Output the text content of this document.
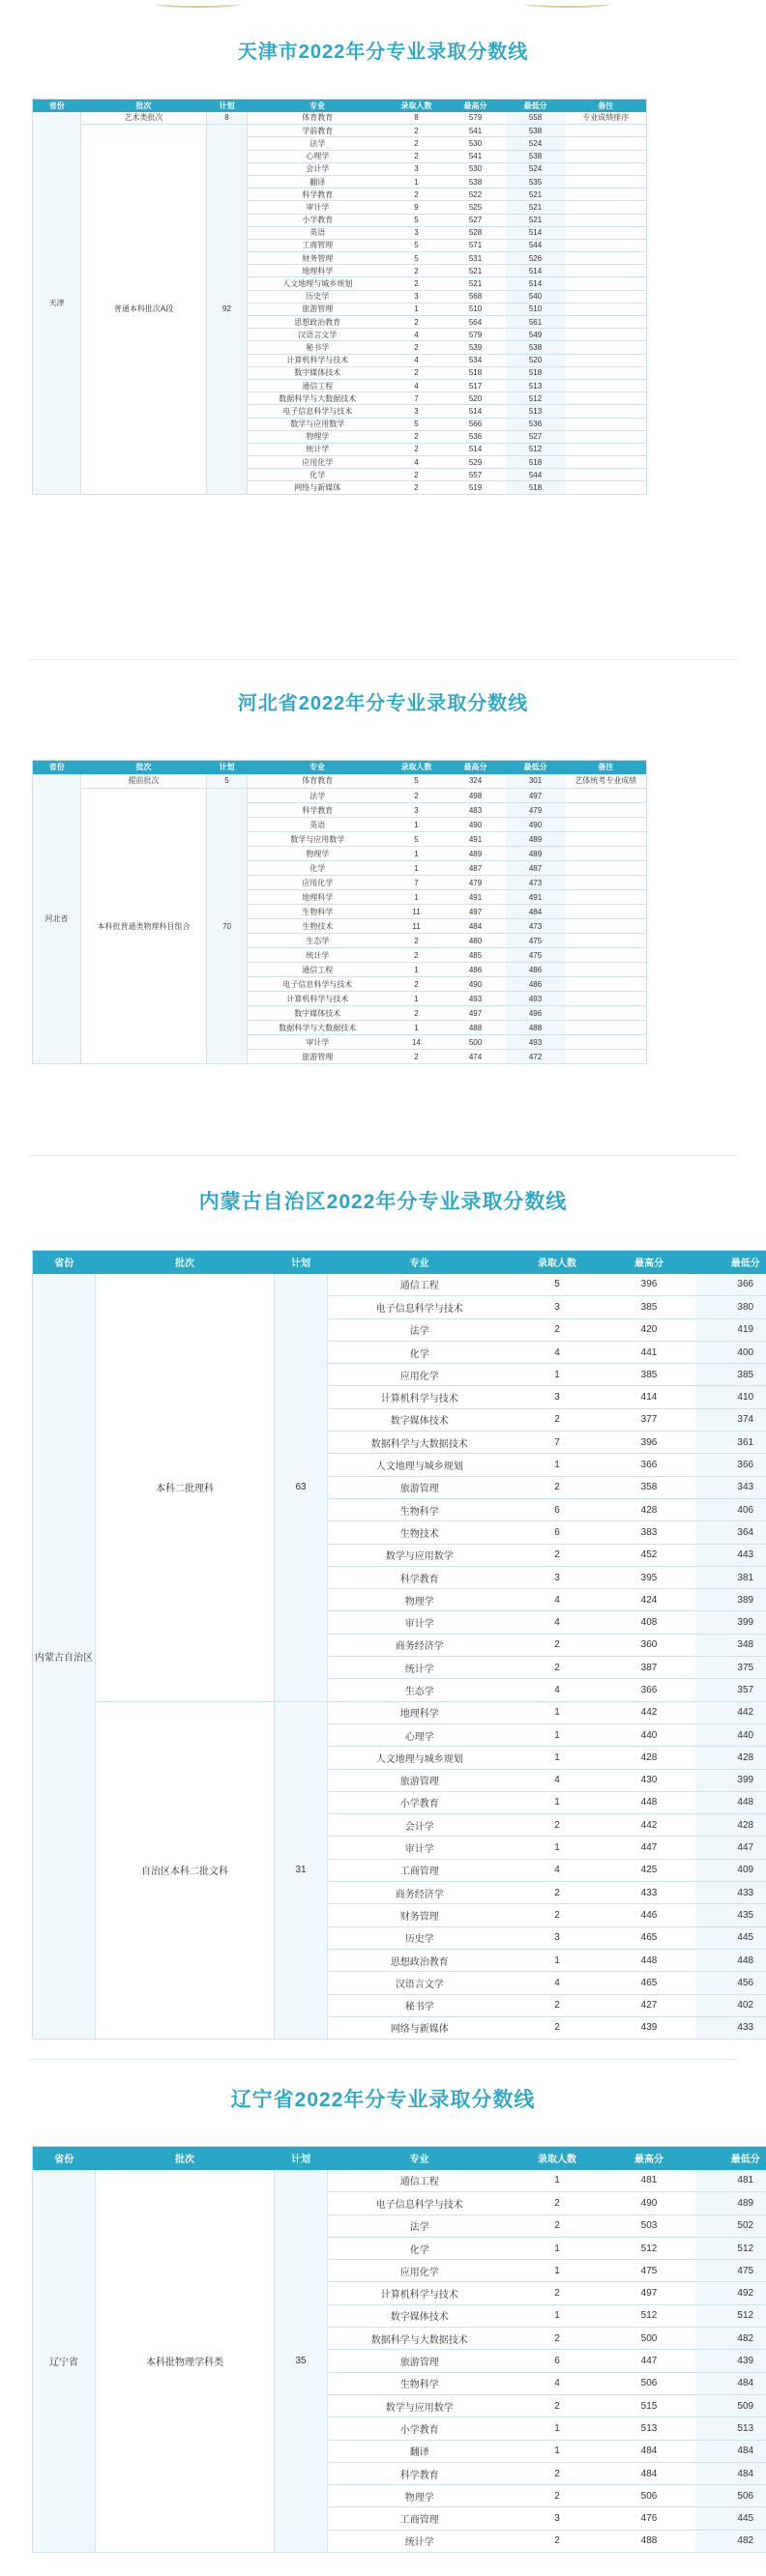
天津市2022年分专业录取分数线
省份	批次	计划	专业	录取人数	最高分	最低分	备注
天津	艺术类批次	8	体育教育	8	579	558	专业成绩排序
	普通本科批次A段	92	学前教育	2	541	538	
			法学	2	530	524	
			心理学	2	541	538	
			会计学	3	530	524	
			翻译	1	538	535	
			科学教育	2	522	521	
			审计学	9	525	521	
			小学教育	5	527	521	
			英语	3	528	514	
			工商管理	5	571	544	
			财务管理	5	531	526	
			地理科学	2	521	514	
			人文地理与城乡规划	2	521	514	
			历史学	3	568	540	
			旅游管理	1	510	510	
			思想政治教育	2	564	561	
			汉语言文学	4	579	549	
			秘书学	2	539	538	
			计算机科学与技术	4	534	520	
			数字媒体技术	2	518	518	
			通信工程	4	517	513	
			数据科学与大数据技术	7	520	512	
			电子信息科学与技术	3	514	513	
			数学与应用数学	5	566	536	
			物理学	2	536	527	
			统计学	2	514	512	
			应用化学	4	529	518	
			化学	2	557	544	
			网络与新媒体	2	519	518	
河北省2022年分专业录取分数线
省份	批次	计划	专业	录取人数	最高分	最低分	备注
河北省	提前批次	5	体育教育	5	324	301	艺体统考专业成绩
	本科批普通类物理科目组合	70	法学	2	498	497	
			科学教育	3	483	479	
			英语	1	490	490	
			数学与应用数学	5	491	489	
			物理学	1	489	489	
			化学	1	487	487	
			应用化学	7	479	473	
			地理科学	1	491	491	
			生物科学	11	497	484	
			生物技术	11	484	473	
			生态学	2	480	475	
			统计学	2	485	475	
			通信工程	1	486	486	
			电子信息科学与技术	2	490	486	
			计算机科学与技术	1	493	493	
			数字媒体技术	2	497	496	
			数据科学与大数据技术	1	488	488	
			审计学	14	500	493	
			旅游管理	2	474	472	
内蒙古自治区2022年分专业录取分数线
省份	批次	计划	专业	录取人数	最高分	最低分
内蒙古自治区	本科二批理科	63	通信工程	5	396	366
			电子信息科学与技术	3	385	380
			法学	2	420	419
			化学	4	441	400
			应用化学	1	385	385
			计算机科学与技术	3	414	410
			数字媒体技术	2	377	374
			数据科学与大数据技术	7	396	361
			人文地理与城乡规划	1	366	366
			旅游管理	2	358	343
			生物科学	6	428	406
			生物技术	6	383	364
			数学与应用数学	2	452	443
			科学教育	3	395	381
			物理学	4	424	389
			审计学	4	408	399
			商务经济学	2	360	348
			统计学	2	387	375
			生态学	4	366	357
	自治区本科二批文科	31	地理科学	1	442	442
			心理学	1	440	440
			人文地理与城乡规划	1	428	428
			旅游管理	4	430	399
			小学教育	1	448	448
			会计学	2	442	428
			审计学	1	447	447
			工商管理	4	425	409
			商务经济学	2	433	433
			财务管理	2	446	435
			历史学	3	465	445
			思想政治教育	1	448	448
			汉语言文学	4	465	456
			秘书学	2	427	402
			网络与新媒体	2	439	433
辽宁省2022年分专业录取分数线
省份	批次	计划	专业	录取人数	最高分	最低分
辽宁省	本科批物理学科类	35	通信工程	1	481	481
			电子信息科学与技术	2	490	489
			法学	2	503	502
			化学	1	512	512
			应用化学	1	475	475
			计算机科学与技术	2	497	492
			数字媒体技术	1	512	512
			数据科学与大数据技术	2	500	482
			旅游管理	6	447	439
			生物科学	4	506	484
			数学与应用数学	2	515	509
			小学教育	1	513	513
			翻译	1	484	484
			科学教育	2	484	484
			物理学	2	506	506
			工商管理	3	476	445
			统计学	2	488	482
